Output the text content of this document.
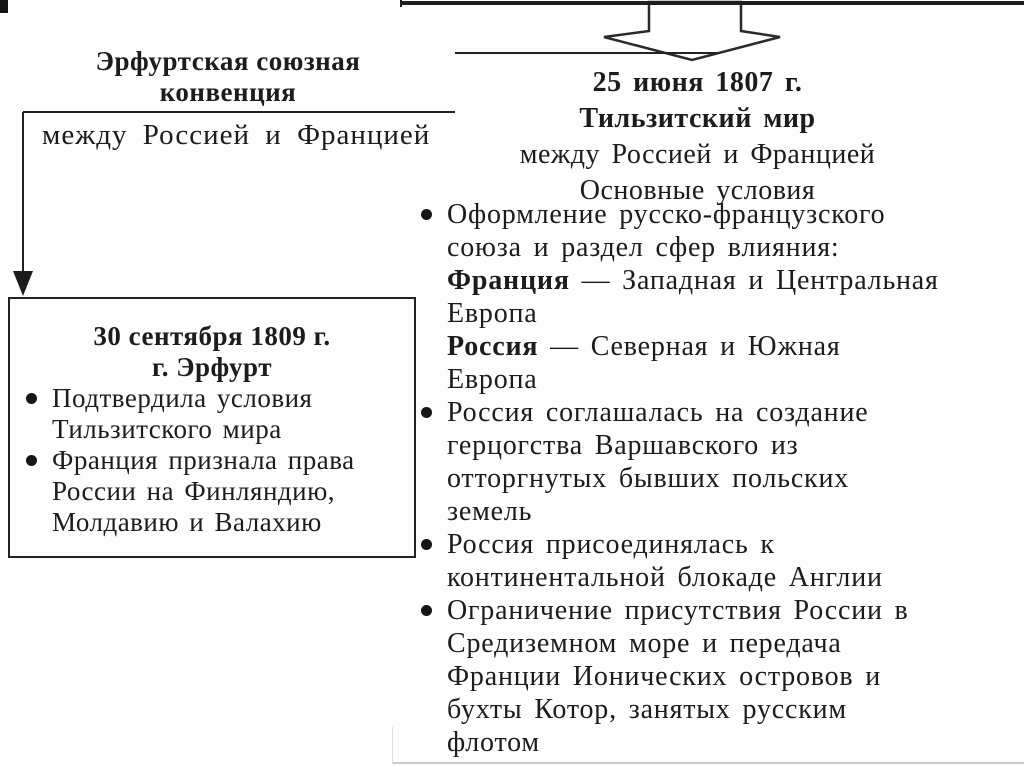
Эрфуртская союзная
конвенция
между Россией и Францией
30 сентября 1809 г.
г. Эрфурт
Подтвердила условия
Тильзитского мира
Франция признала права
России на Финляндию,
Молдавию и Валахию
25 июня 1807 г.
Тильзитский мир
между Россией и Францией
Основные условия
Оформление русско-французского
союза и раздел сфер влияния:
Франция — Западная и Центральная
Европа
Россия — Северная и Южная
Европа
Россия соглашалась на создание
герцогства Варшавского из
отторгнутых бывших польских
земель
Россия присоединялась к
континентальной блокаде Англии
Ограничение присутствия России в
Средиземном море и передача
Франции Ионических островов и
бухты Котор, занятых русским
флотом
